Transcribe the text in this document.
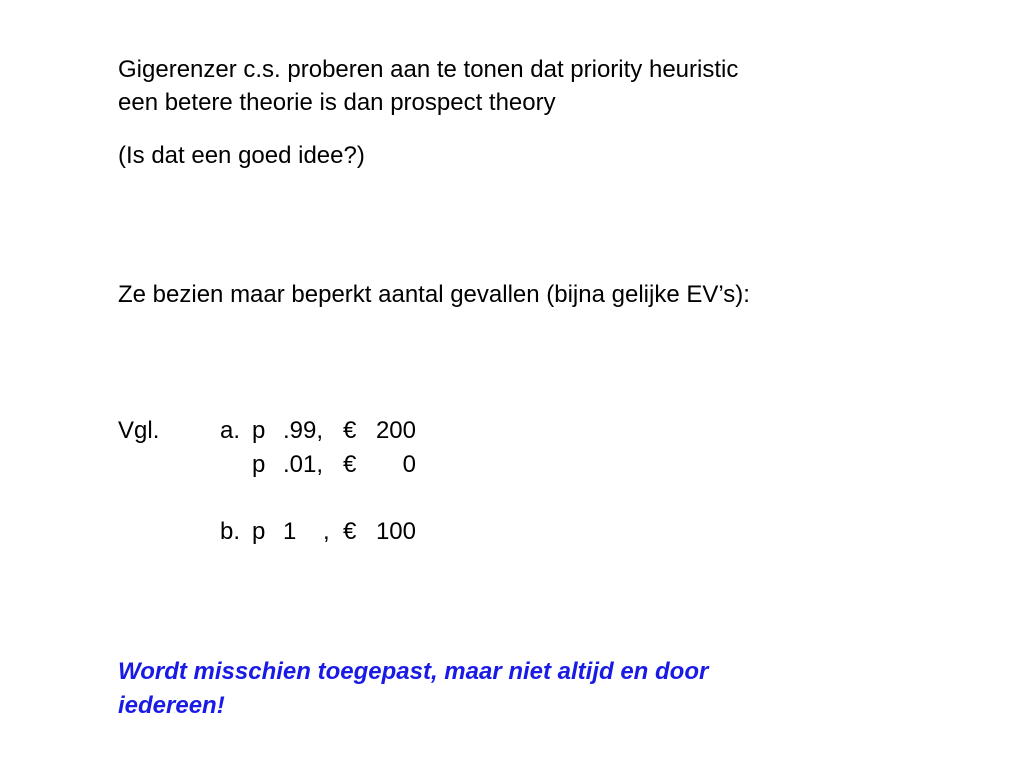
Gigerenzer c.s. proberen aan te tonen dat priority heuristic
een betere theorie is dan prospect theory
(Is dat een goed idee?)
Ze bezien maar beperkt aantal gevallen (bijna gelijke EV’s):
Vgl.	a. p .99, € 200
p .01, €	0
b. p 1    , € 100
Wordt misschien toegepast, maar niet altijd en door
iedereen!
